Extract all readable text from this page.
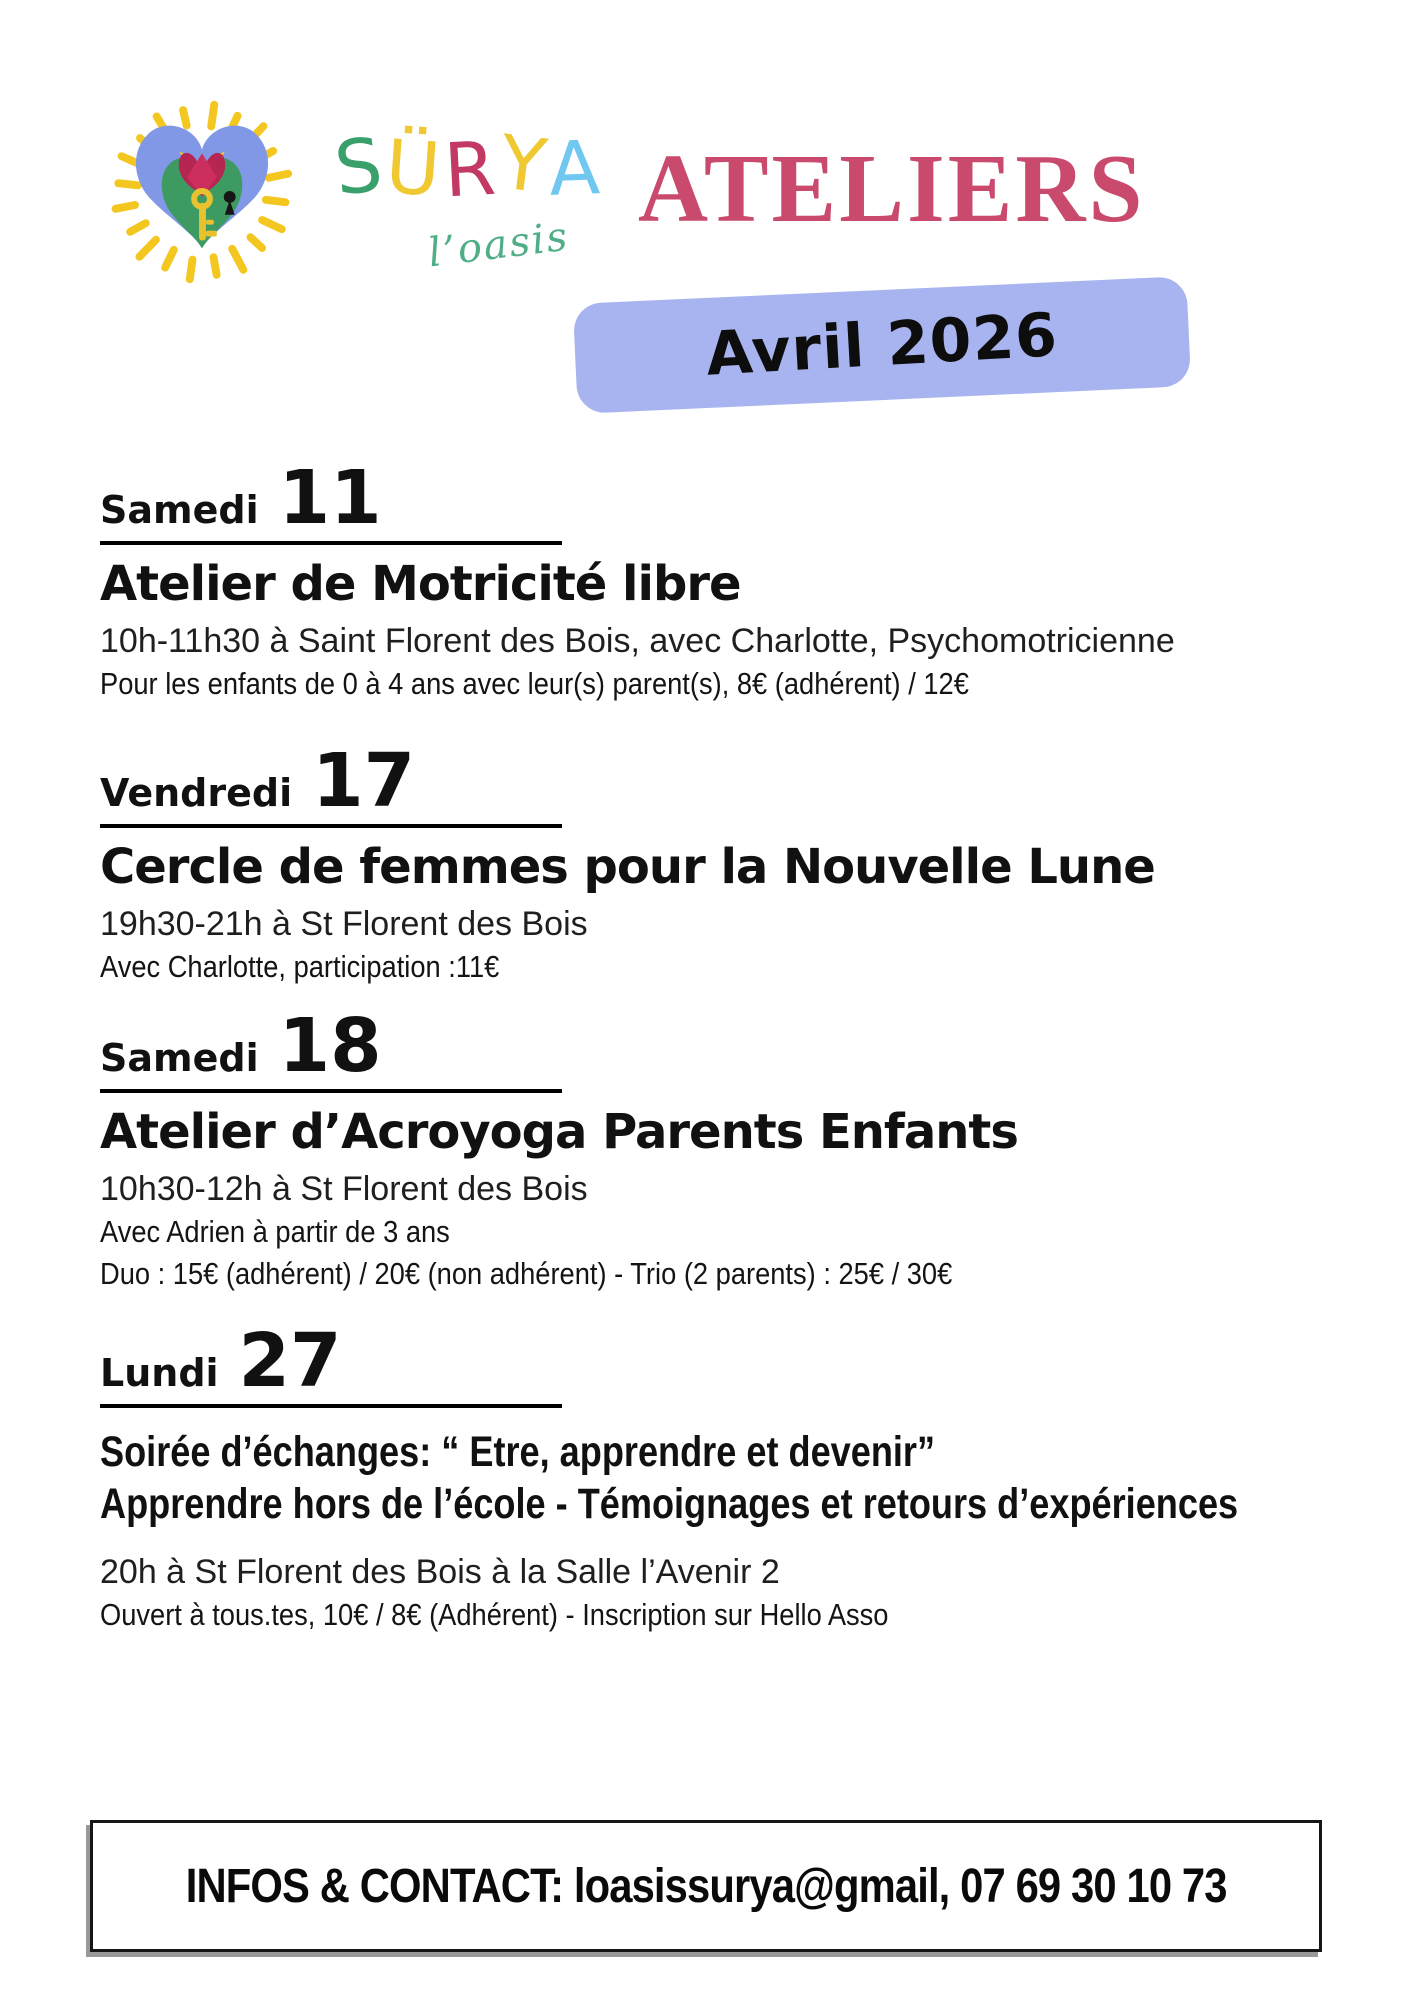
SÜRYA
l’oasis
ATELIERS
Avril 2026
Samedi 11
Atelier de Motricité libre
10h-11h30 à Saint Florent des Bois, avec Charlotte, Psychomotricienne
Pour les enfants de 0 à 4 ans avec leur(s) parent(s), 8€ (adhérent) / 12€
Vendredi 17
Cercle de femmes pour la Nouvelle Lune
19h30-21h à St Florent des Bois
Avec Charlotte, participation :11€
Samedi 18
Atelier d’Acroyoga Parents Enfants
10h30-12h à St Florent des Bois
Avec Adrien à partir de 3 ans
Duo : 15€ (adhérent) / 20€ (non adhérent) - Trio (2 parents) : 25€ / 30€
Lundi 27
Soirée d’échanges: “ Etre, apprendre et devenir”
Apprendre hors de l’école - Témoignages et retours d’expériences
20h à St Florent des Bois à la Salle l’Avenir 2
Ouvert à tous.tes, 10€ / 8€ (Adhérent) - Inscription sur Hello Asso
INFOS & CONTACT: loasissurya@gmail, 07 69 30 10 73
